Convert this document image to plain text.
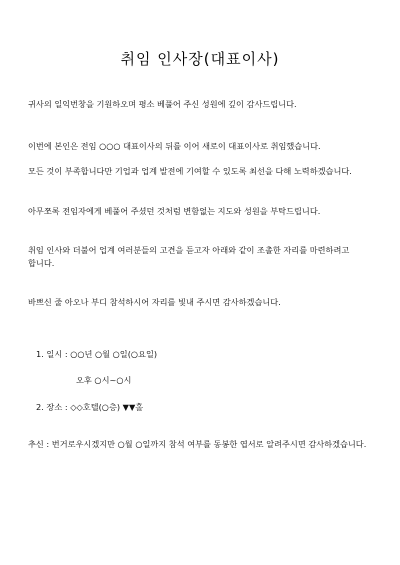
취임 인사장(대표이사)
귀사의 일익번창을 기원하오며 평소 베풀어 주신 성원에 깊이 감사드립니다.
이번에 본인은 전임 ○○○ 대표이사의 뒤를 이어 새로이 대표이사로 취임했습니다.
모든 것이 부족합니다만 기업과 업계 발전에 기여할 수 있도록 최선을 다해 노력하겠습니다.
아무쪼록 전임자에게 베풀어 주셨던 것처럼 변함없는 지도와 성원을 부탁드립니다.
취임 인사와 더불어 업계 여러분들의 고견을 듣고자 아래와 같이 조촐한 자리를 마련하려고 합니다.
바쁘신 줄 아오나 부디 참석하시어 자리를 빛내 주시면 감사하겠습니다.
1. 일시 : ○○년 ○월 ○일(○요일)
오후 ○시~○시
2. 장소 : ◇◇호텔(○층) ▼▼홀
추신 : 번거로우시겠지만 ○월 ○일까지 참석 여부를 동봉한 엽서로 알려주시면 감사하겠습니다.
